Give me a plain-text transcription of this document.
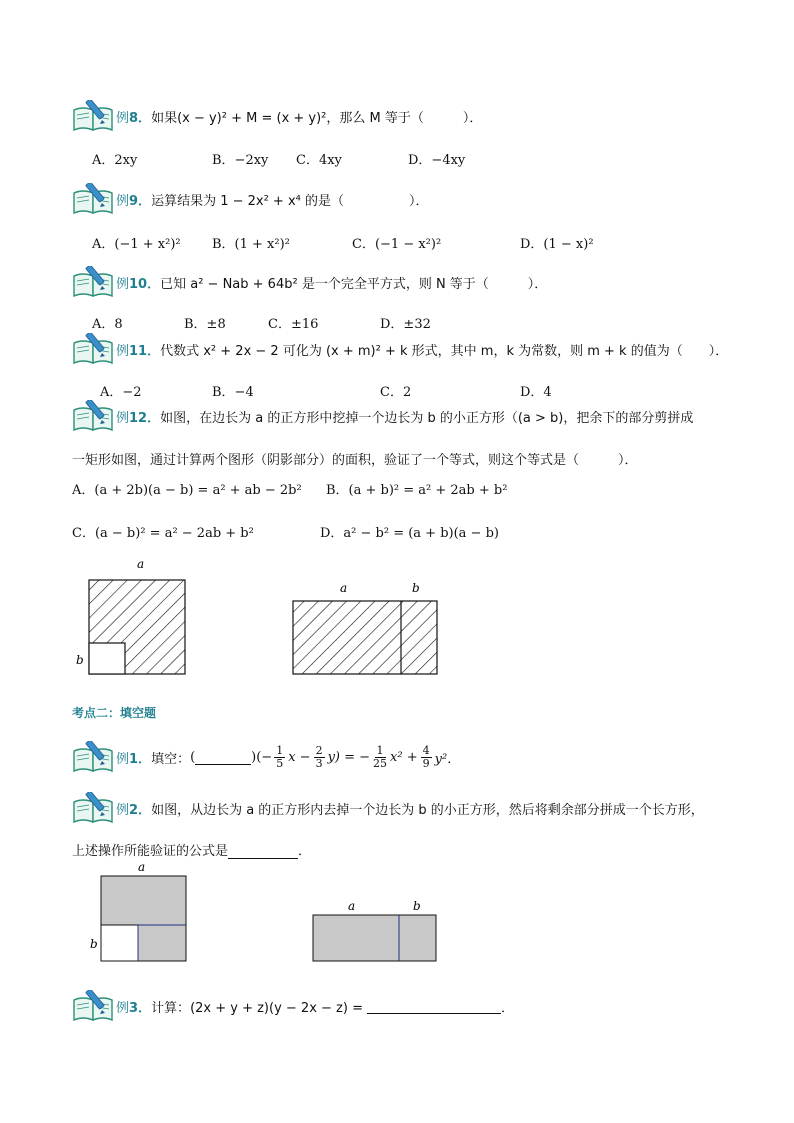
例 8． 如果(x − y)² + M = (x + y)²，那么 M 等于（　　　）．
A．2xy	B．−2xy C．4xy	D．−4xy
例 9． 运算结果为 1 − 2x² + x⁴ 的是（　　　　　）．
A．(−1 + x²)² B．(1 + x²)²	C．(−1 − x²)²	D．(1 − x)²
例 10． 已知 a² − Nab + 64b² 是一个完全平方式，则 N 等于（　　　）．
A．8	B．±8	C．±16	D．±32
例 11． 代数式 x² + 2x − 2 可化为 (x + m)² + k 形式，其中 m，k 为常数，则 m + k 的值为（　　）．
A．−2	B．−4	C．2	D．4
例 12． 如图，在边长为 a 的正方形中挖掉一个边长为 b 的小正方形（(a > b)，把余下的部分剪拼成
一矩形如图，通过计算两个图形（阴影部分）的面积，验证了一个等式，则这个等式是（　　　）．
A．(a + 2b)(a − b) = a² + ab − 2b² B．(a + b)² = a² + 2ab + b²
C．(a − b)² = a² − 2ab + b²	D．a² − b² = (a + b)(a − b)
a
b
a	b
考点二：填空题
例 1． 填空： (	)(− $\frac{1}{5}$ $x - \frac{2}{3} y$) = − $\frac{1}{25} x^2 + \frac{4}{9} y^2$．
例 2． 如图，从边长为 a 的正方形内去掉一个边长为 b 的小正方形，然后将剩余部分拼成一个长方形，
上述操作所能验证的公式是	．
a
b
a	b
例 3． 计算：(2x + y + z)(y − 2x − z) =	．
